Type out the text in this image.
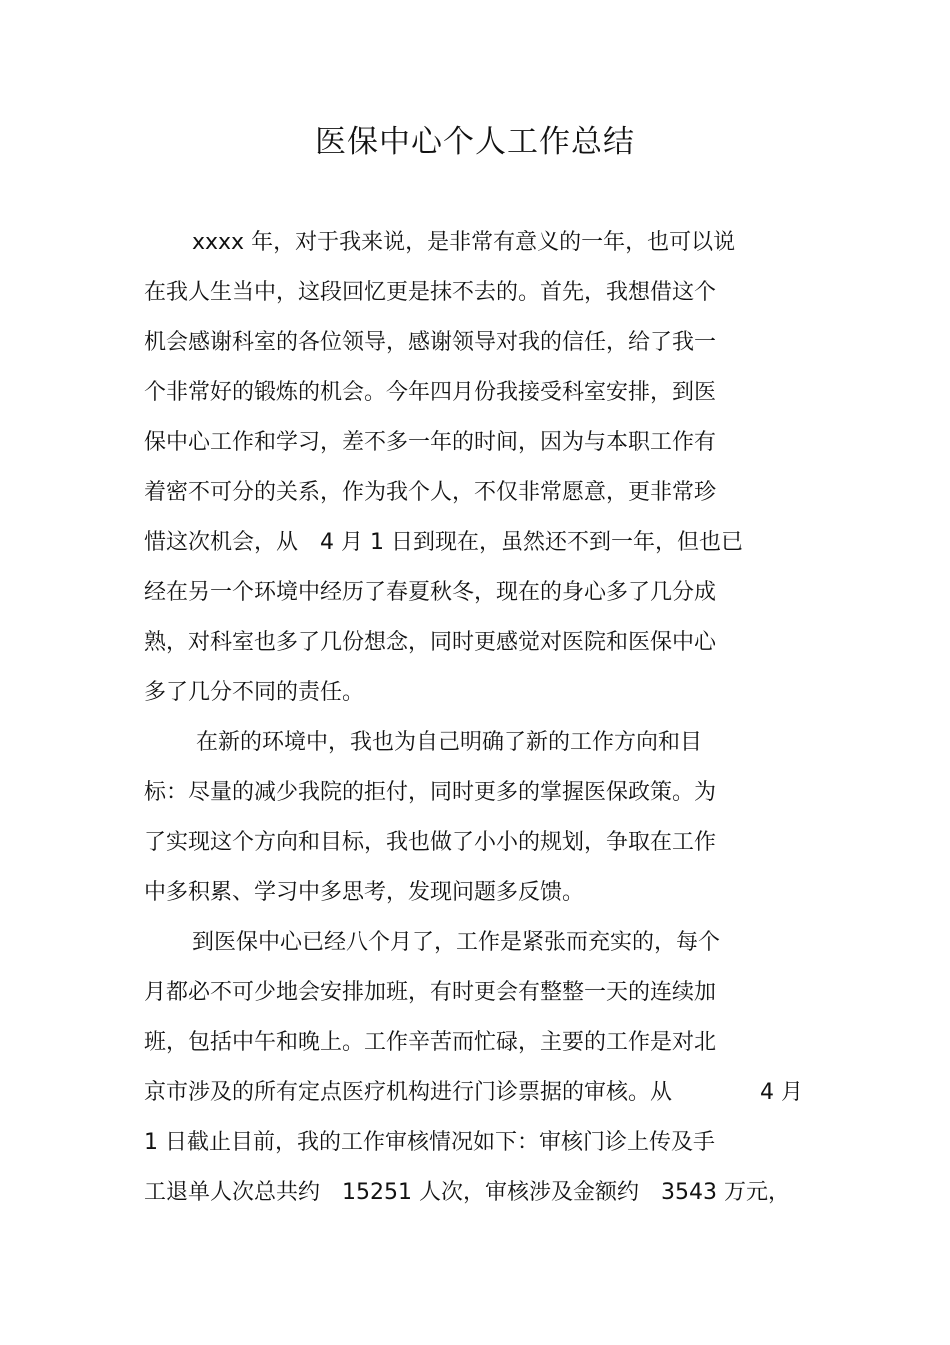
医保中心个人工作总结
xxxx 年，对于我来说，是非常有意义的一年，也可以说
在我人生当中，这段回忆更是抹不去的。首先，我想借这个
机会感谢科室的各位领导，感谢领导对我的信任，给了我一
个非常好的锻炼的机会。今年四月份我接受科室安排，到医
保中心工作和学习，差不多一年的时间，因为与本职工作有
着密不可分的关系，作为我个人，不仅非常愿意，更非常珍
惜这次机会，从　4 月 1 日到现在，虽然还不到一年，但也已
经在另一个环境中经历了春夏秋冬，现在的身心多了几分成
熟，对科室也多了几份想念，同时更感觉对医院和医保中心
多了几分不同的责任。
在新的环境中，我也为自己明确了新的工作方向和目
标：尽量的减少我院的拒付，同时更多的掌握医保政策。为
了实现这个方向和目标，我也做了小小的规划，争取在工作
中多积累、学习中多思考，发现问题多反馈。
到医保中心已经八个月了，工作是紧张而充实的，每个
月都必不可少地会安排加班，有时更会有整整一天的连续加
班，包括中午和晚上。工作辛苦而忙碌，主要的工作是对北
京市涉及的所有定点医疗机构进行门诊票据的审核。从	4 月
1 日截止目前，我的工作审核情况如下：审核门诊上传及手
工退单人次总共约　15251 人次，审核涉及金额约　3543 万元，
